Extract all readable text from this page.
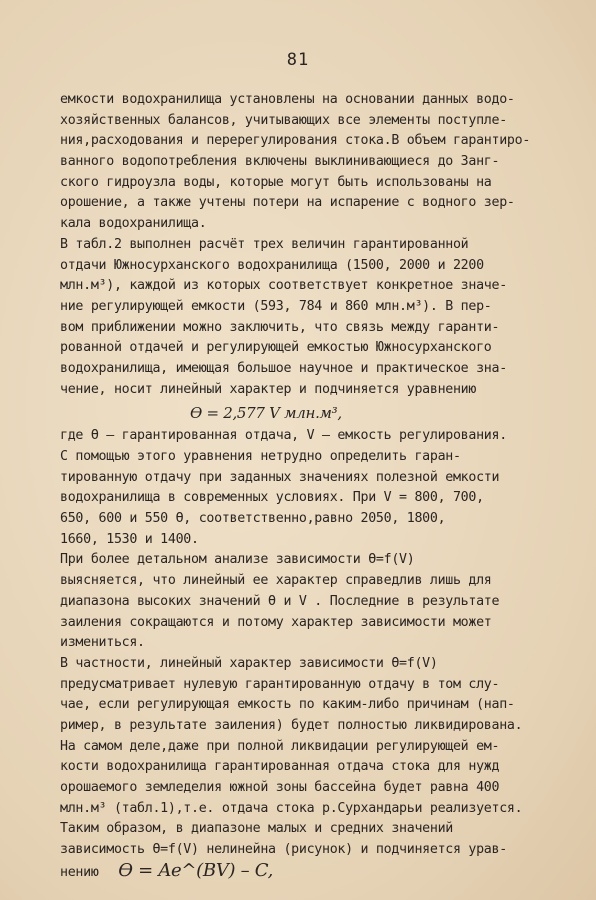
81
емкости водохранилища установлены на основании данных водо-
хозяйственных балансов, учитывающих все элементы поступле-
ния,расходования и перерегулирования стока.В объем гарантиро-
ванного водопотребления включены выклинивающиеся до Занг-
ского гидроузла воды, которые могут быть использованы на
орошение, а также учтены потери на испарение с водного зер-
кала водохранилища.
В табл.2 выполнен расчёт трех величин гарантированной
отдачи Южносурханского водохранилища (1500, 2000 и 2200
млн.м³), каждой из которых соответствует конкретное значе-
ние регулирующей емкости (593, 784 и 860 млн.м³). В пер-
вом приближении можно заключить, что связь между гаранти-
рованной отдачей и регулирующей емкостью Южносурханского
водохранилища, имеющая большое научное и практическое зна-
чение, носит линейный характер и подчиняется уравнению
Ө = 2,577 V млн.м³,
где Ө – гарантированная отдача, V – емкость регулирования.
С помощью этого уравнения нетрудно определить гаран-
тированную отдачу при заданных значениях полезной емкости
водохранилища в современных условиях. При V = 800, 700,
650, 600 и 550 Ө, соответственно,равно 2050, 1800,
1660, 1530 и 1400.
При более детальном анализе зависимости Ө=f(V)
выясняется, что линейный ее характер справедлив лишь для
диапазона высоких значений Ө и V . Последние в результате
заиления сокращаются и потому характер зависимости может
измениться.
В частности, линейный характер зависимости Ө=f(V)
предусматривает нулевую гарантированную отдачу в том слу-
чае, если регулирующая емкость по каким-либо причинам (нап-
ример, в результате заиления) будет полностью ликвидирована.
На самом деле,даже при полной ликвидации регулирующей ем-
кости водохранилища гарантированная отдача стока для нужд
орошаемого земледелия южной зоны бассейна будет равна 400
млн.м³ (табл.1),т.е. отдача стока р.Сурхандарьи реализуется.
Таким образом, в диапазоне малых и средних значений
зависимость Ө=f(V) нелинейна (рисунок) и подчиняется урав-
нению Ө = Ae^(BV) – C,
